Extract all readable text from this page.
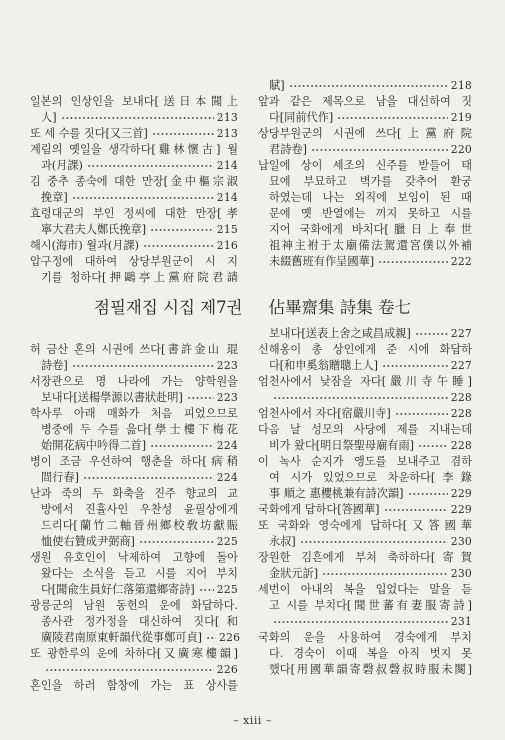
일본의 인상인을 보내다[送日本聞上
人]	213
또 세 수를 짓다[又三首]	213
계림의 옛일을 생각하다[雞林懷古] 월
과(月課)	214
김 중추 종숙에 대한 만장[金中樞宗淑
挽章]	214
효령대군의 부인 정씨에 대한 만장[孝
寧大君夫人鄭氏挽章]	215
해시(海市) 월과(月課)	216
압구정에 대하여 상당부원군이 시 지
기를 청하다[押鷗亭上黨府院君請
賦]	218
앞과 같은 제목으로 남을 대신하여 짓
다[同前代作]	219
상당부원군의 시권에 쓰다[上黨府院
君詩卷]	220
납일에 상이 세조의 신주를 받들어 태
묘에 부묘하고 벽가를 갖추어 환궁
하였는데 나는 외직에 보임이 된 때
문에 옛 반열에는 끼지 못하고 시를
지어 국화에게 바치다[臘日上奉世
祖神主祔于太廟備法駕還宮僕以外補
未綴舊班有作呈國華]	222
점필재집 시집 제7권 佔畢齋集 詩集 卷七
허 금산 혼의 시권에 쓰다[書許金山 琨
詩卷]	223
서장관으로 명 나라에 가는 양학원을
보내다[送楊學源以書狀赴明]	223
학사루 아래 매화가 처음 피었으므로
병중에 두 수를 읊다[學士樓下梅花
始開花病中吟得二首]	224
병이 조금 우선하여 행춘을 하다[病稍
間行春]	224
난과 죽의 두 화축을 진주 향교의 교
방에서 진휼사인 우찬성 윤필상에게
드리다[蘭竹二軸晉州鄉校敎坊獻賑
恤使右贊成尹弼商]	225
생원 유호인이 낙제하여 고향에 돌아
왔다는 소식을 듣고 시를 지어 부치
다[聞兪生員好仁落第還鄉寄詩] 225
광릉군의 남원 동헌의 운에 화답하다.
종사관 정가정을 대신하여 짓다[和
廣陵君南原東軒韻代從事鄭可貞] 226
또 광한루의 운에 차하다[又廣寒樓韻]
226
혼인을 하러 함창에 가는 표 상사를
보내다[送表上舍之咸昌成親]	227
신해옹이 총 상인에게 준 시에 화답하
다[和申奚翁贈聰上人]	227
엄천사에서 낮잠을 자다[嚴川寺午睡]
228
엄천사에서 자다[宿嚴川寺]	228
다음 날 성모의 사당에 제를 지내는데
비가 왔다[明日祭聖母廟有雨]	228
이 녹사 순지가 앵도를 보내주고 겸하
여 시가 있었으므로 차운하다[李錄
事 順之 惠櫻桃兼有詩次韻]	229
국화에게 답하다[答國華]	229
또 국화와 영숙에게 답하다[又答國華
永叔]	230
장원한 김흔에게 부쳐 축하하다[寄賀
金狀元訢]	230
세번이 아내의 복을 입었다는 말을 듣
고 시를 부치다[聞世蕃有妻服寄詩]
231
국화의 운을 사용하여 경숙에게 부치
다. 경숙이 이때 복을 아직 벗지 못
했다[用國華韻寄磬叔磬叔時服未闋]
– xiii –
